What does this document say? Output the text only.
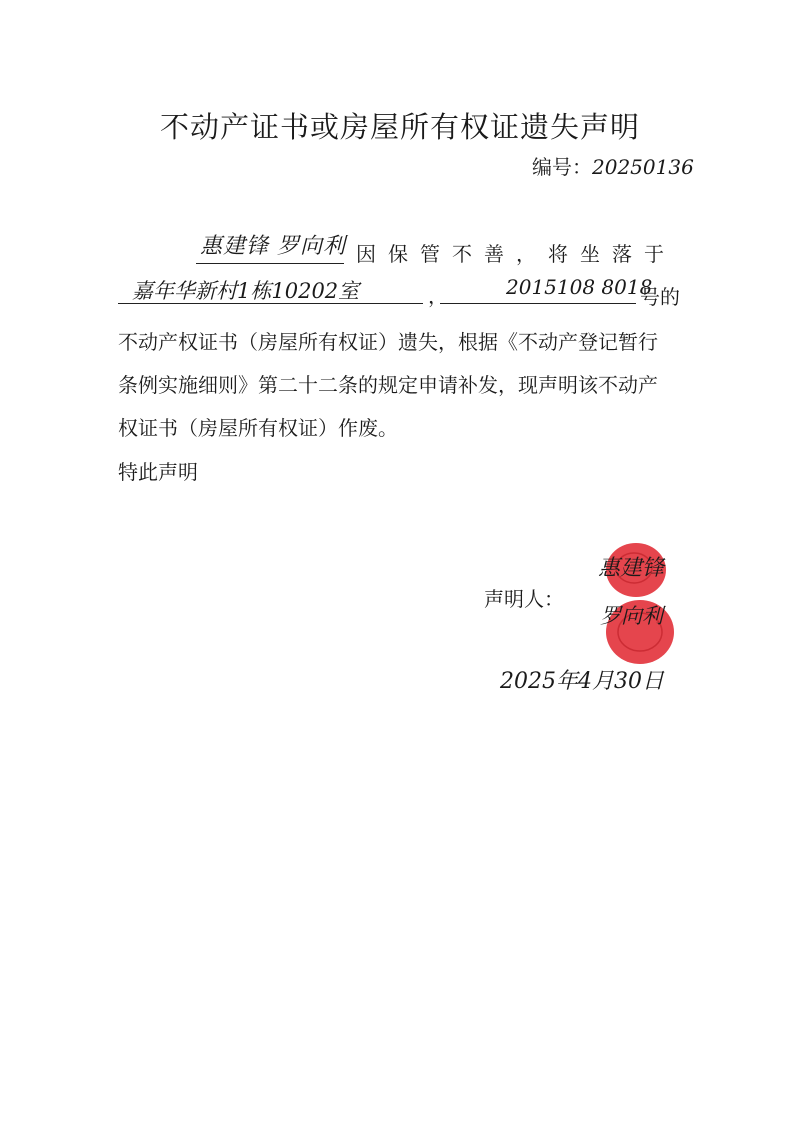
不动产证书或房屋所有权证遗失声明
编号：20250136
惠建锋 罗向利 因保管不善，将坐落于
嘉年华新村1栋10202室	，	2015108 8018
号的
不动产权证书（房屋所有权证）遗失，根据《不动产登记暂行
条例实施细则》第二十二条的规定申请补发，现声明该不动产
权证书（房屋所有权证）作废。
特此声明
声明人：
惠建锋
罗向利
2025年4月30日
